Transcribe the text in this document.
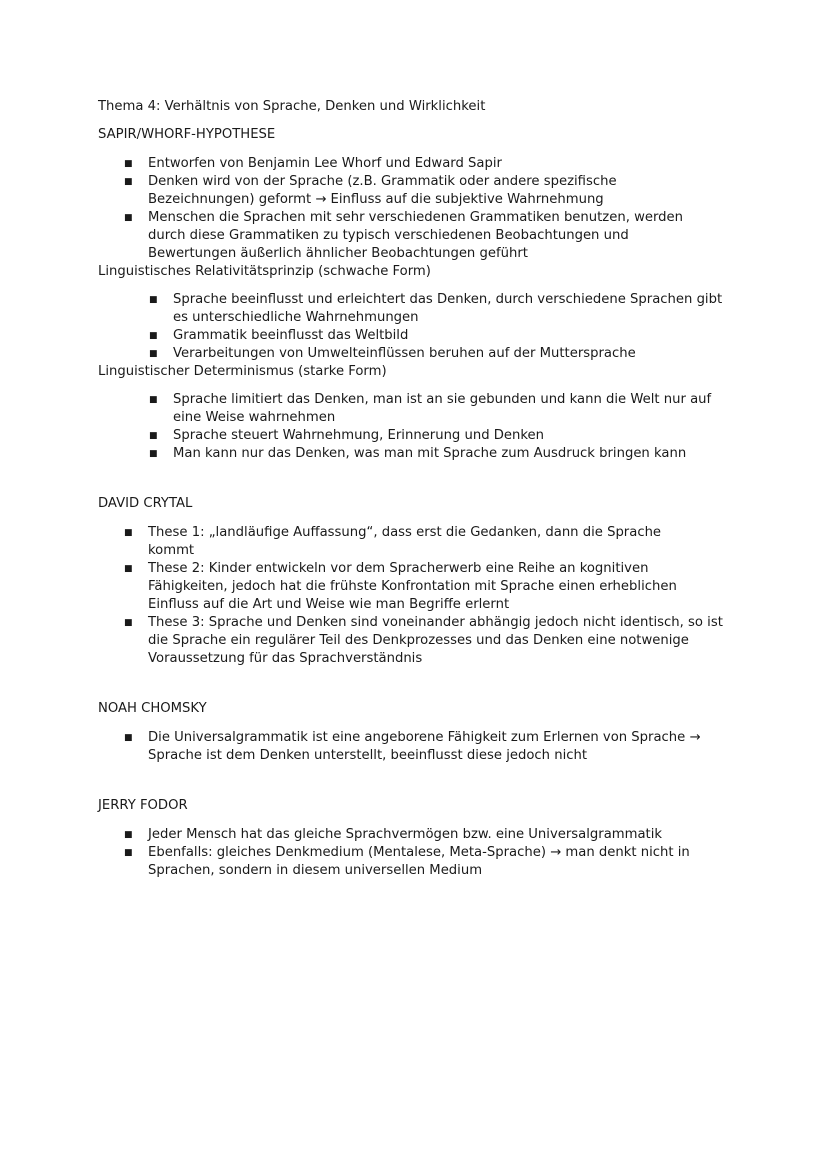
Thema 4: Verhältnis von Sprache, Denken und Wirklichkeit
SAPIR/WHORF-HYPOTHESE
■ Entworfen von Benjamin Lee Whorf und Edward Sapir
■ Denken wird von der Sprache (z.B. Grammatik oder andere spezifische Bezeichnungen) geformt → Einfluss auf die subjektive Wahrnehmung
■ Menschen die Sprachen mit sehr verschiedenen Grammatiken benutzen, werden durch diese Grammatiken zu typisch verschiedenen Beobachtungen und Bewertungen äußerlich ähnlicher Beobachtungen geführt
Linguistisches Relativitätsprinzip (schwache Form)
■ Sprache beeinflusst und erleichtert das Denken, durch verschiedene Sprachen gibt es unterschiedliche Wahrnehmungen
■ Grammatik beeinflusst das Weltbild
■ Verarbeitungen von Umwelteinflüssen beruhen auf der Muttersprache
Linguistischer Determinismus (starke Form)
■ Sprache limitiert das Denken, man ist an sie gebunden und kann die Welt nur auf eine Weise wahrnehmen
■ Sprache steuert Wahrnehmung, Erinnerung und Denken
■ Man kann nur das Denken, was man mit Sprache zum Ausdruck bringen kann
DAVID CRYTAL
■ These 1: „landläufige Auffassung“, dass erst die Gedanken, dann die Sprache kommt
■ These 2: Kinder entwickeln vor dem Spracherwerb eine Reihe an kognitiven Fähigkeiten, jedoch hat die frühste Konfrontation mit Sprache einen erheblichen Einfluss auf die Art und Weise wie man Begriffe erlernt
■ These 3: Sprache und Denken sind voneinander abhängig jedoch nicht identisch, so ist die Sprache ein regulärer Teil des Denkprozesses und das Denken eine notwenige Voraussetzung für das Sprachverständnis
NOAH CHOMSKY
■ Die Universalgrammatik ist eine angeborene Fähigkeit zum Erlernen von Sprache → Sprache ist dem Denken unterstellt, beeinflusst diese jedoch nicht
JERRY FODOR
■ Jeder Mensch hat das gleiche Sprachvermögen bzw. eine Universalgrammatik
■ Ebenfalls: gleiches Denkmedium (Mentalese, Meta-Sprache) → man denkt nicht in Sprachen, sondern in diesem universellen Medium
